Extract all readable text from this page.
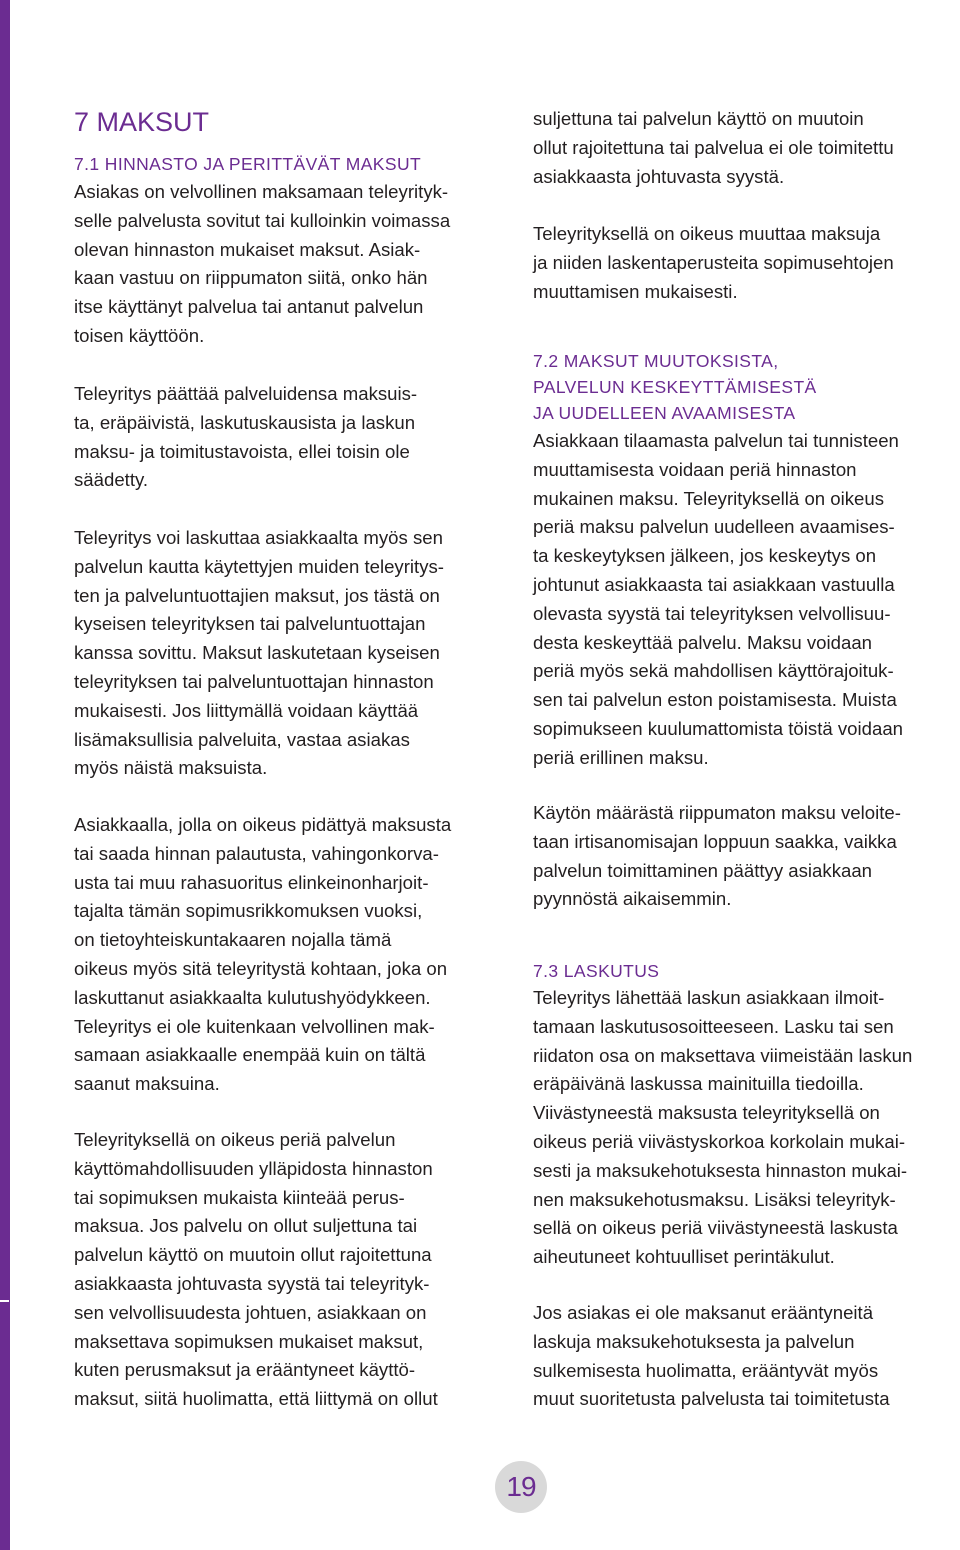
7 MAKSUT
7.1 HINNASTO JA PERITTÄVÄT MAKSUT

Asiakas on velvollinen maksamaan teleyrityk-
selle palvelusta sovitut tai kulloinkin voimassa
olevan hinnaston mukaiset maksut. Asiak-
kaan vastuu on riippumaton siitä, onko hän
itse käyttänyt palvelua tai antanut palvelun
toisen käyttöön.

Teleyritys päättää palveluidensa maksuis-
ta, eräpäivistä, laskutuskausista ja laskun
maksu- ja toimitustavoista, ellei toisin ole
säädetty.

Teleyritys voi laskuttaa asiakkaalta myös sen
palvelun kautta käytettyjen muiden teleyritys-
ten ja palveluntuottajien maksut, jos tästä on
kyseisen teleyrityksen tai palveluntuottajan
kanssa sovittu. Maksut laskutetaan kyseisen
teleyrityksen tai palveluntuottajan hinnaston
mukaisesti. Jos liittymällä voidaan käyttää
lisämaksullisia palveluita, vastaa asiakas
myös näistä maksuista.

Asiakkaalla, jolla on oikeus pidättyä maksusta
tai saada hinnan palautusta, vahingonkorva-
usta tai muu rahasuoritus elinkeinonharjoit-
tajalta tämän sopimusrikkomuksen vuoksi,
on tietoyhteiskuntakaaren nojalla tämä
oikeus myös sitä teleyritystä kohtaan, joka on
laskuttanut asiakkaalta kulutushyödykkeen.
Teleyritys ei ole kuitenkaan velvollinen mak-
samaan asiakkaalle enempää kuin on tältä
saanut maksuina.

Teleyrityksellä on oikeus periä palvelun
käyttömahdollisuuden ylläpidosta hinnaston
tai sopimuksen mukaista kiinteää perus-
maksua. Jos palvelu on ollut suljettuna tai
palvelun käyttö on muutoin ollut rajoitettuna
asiakkaasta johtuvasta syystä tai teleyrityk-
sen velvollisuudesta johtuen, asiakkaan on
maksettava sopimuksen mukaiset maksut,
kuten perusmaksut ja erääntyneet käyttö-
maksut, siitä huolimatta, että liittymä on ollut

suljettuna tai palvelun käyttö on muutoin
ollut rajoitettuna tai palvelua ei ole toimitettu
asiakkaasta johtuvasta syystä.

Teleyrityksellä on oikeus muuttaa maksuja
ja niiden laskentaperusteita sopimusehtojen
muuttamisen mukaisesti.

7.2 MAKSUT MUUTOKSISTA,
PALVELUN KESKEYTTÄMISESTÄ
JA UUDELLEEN AVAAMISESTA

Asiakkaan tilaamasta palvelun tai tunnisteen
muuttamisesta voidaan periä hinnaston
mukainen maksu. Teleyrityksellä on oikeus
periä maksu palvelun uudelleen avaamises-
ta keskeytyksen jälkeen, jos keskeytys on
johtunut asiakkaasta tai asiakkaan vastuulla
olevasta syystä tai teleyrityksen velvollisuu-
desta keskeyttää palvelu. Maksu voidaan
periä myös sekä mahdollisen käyttörajoituk-
sen tai palvelun eston poistamisesta. Muista
sopimukseen kuulumattomista töistä voidaan
periä erillinen maksu.

Käytön määrästä riippumaton maksu veloite-
taan irtisanomisajan loppuun saakka, vaikka
palvelun toimittaminen päättyy asiakkaan
pyynnöstä aikaisemmin.

7.3 LASKUTUS

Teleyritys lähettää laskun asiakkaan ilmoit-
tamaan laskutusosoitteeseen. Lasku tai sen
riidaton osa on maksettava viimeistään laskun
eräpäivänä laskussa mainituilla tiedoilla.
Viivästyneestä maksusta teleyrityksellä on
oikeus periä viivästyskorkoa korkolain mukai-
sesti ja maksukehotuksesta hinnaston mukai-
nen maksukehotusmaksu. Lisäksi teleyrityk-
sellä on oikeus periä viivästyneestä laskusta
aiheutuneet kohtuulliset perintäkulut.

Jos asiakas ei ole maksanut erääntyneitä
laskuja maksukehotuksesta ja palvelun
sulkemisesta huolimatta, erääntyvät myös
muut suoritetusta palvelusta tai toimitetusta

19
